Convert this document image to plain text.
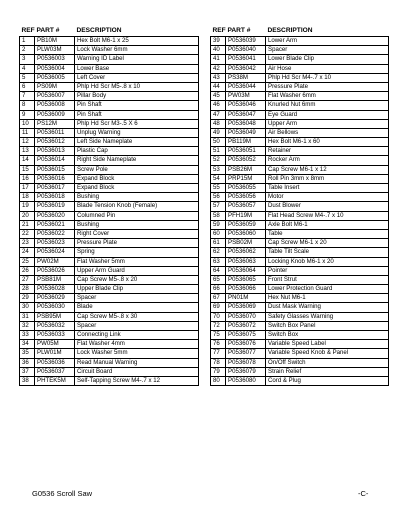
REF	PART #	DESCRIPTION
1	PB10M	Hex Bolt M6-1 x 25
2	PLW03M	Lock Washer 6mm
3	P0536003	Warning ID Label
4	P0536004	Lower Base
5	P0536005	Left Cover
6	PS09M	Phlp Hd Scr M5-.8 x 10
7	P0536007	Pillar Body
8	P0536008	Pin Shaft
9	P0536009	Pin Shaft
10	PS12M	Phlp Hd Scr M3-.5 X 6
11	P0536011	Unplug Warning
12	P0536012	Left Side Nameplate
13	P0536013	Plastic Cap
14	P0536014	Right Side Nameplate
15	P0536015	Screw Pole
16	P0536016	Expand Block
17	P0536017	Expand Block
18	P0536018	Bushing
19	P0536019	Blade Tension Knob (Female)
20	P0536020	Columned Pin
21	P0536021	Bushing
22	P0536022	Right Cover
23	P0536023	Pressure Plate
24	P0536024	Spring
25	PW02M	Flat Washer 5mm
26	P0536026	Upper Arm Guard
27	PSB81M	Cap Screw M5-.8 x 20
28	P0536028	Upper Blade Clip
29	P0536029	Spacer
30	P0536030	Blade
31	PSB95M	Cap Screw M5-.8 x 30
32	P0536032	Spacer
33	P0536033	Connecting Link
34	PW05M	Flat Washer 4mm
35	PLW01M	Lock Washer 5mm
36	P0536036	Read Manual Warning
37	P0536037	Circuit Board
38	PHTEK5M	Self-Tapping Screw M4-.7 x 12
REF	PART #	DESCRIPTION
39	P0536039	Lower Arm
40	P0536040	Spacer
41	P0536041	Lower Blade Clip
42	P0536042	Air Hose
43	PS38M	Phlp Hd Scr M4-.7 x 10
44	P0536044	Pressure Plate
45	PW03M	Flat Washer 6mm
46	P0536046	Knurled Nut 6mm
47	P0536047	Eye Guard
48	P0536048	Upper Arm
49	P0536049	Air Bellows
50	PB119M	Hex Bolt M6-1 x 60
51	P0536051	Retainer
52	P0536052	Rocker Arm
53	PSB26M	Cap Screw M6-1 x 12
54	PRP15M	Roll Pin 3mm x 8mm
55	P0536055	Table Insert
56	P0536056	Motor
57	P0536057	Dust Blower
58	PFH19M	Flat Head Screw M4-.7 x 10
59	P0536059	Axle Bolt M6-1
60	P0536060	Table
61	PSB02M	Cap Screw M6-1 x 20
62	P0536062	Table Tilt Scale
63	P0536063	Locking Knob M6-1 x 20
64	P0536064	Pointer
65	P0536065	Front Strut
66	P0536066	Lower Protection Guard
67	PN01M	Hex Nut M6-1
69	P0536069	Dust Mask Warning
70	P0536070	Safety Glasses Warning
72	P0536072	Switch Box Panel
75	P0536075	Switch Box
76	P0536076	Variable Speed Label
77	P0536077	Variable Speed Knob & Panel
78	P0536078	On/Off Switch
79	P0536079	Strain Relief
80	P0536080	Cord & Plug
G0536 Scroll Saw	-C-
